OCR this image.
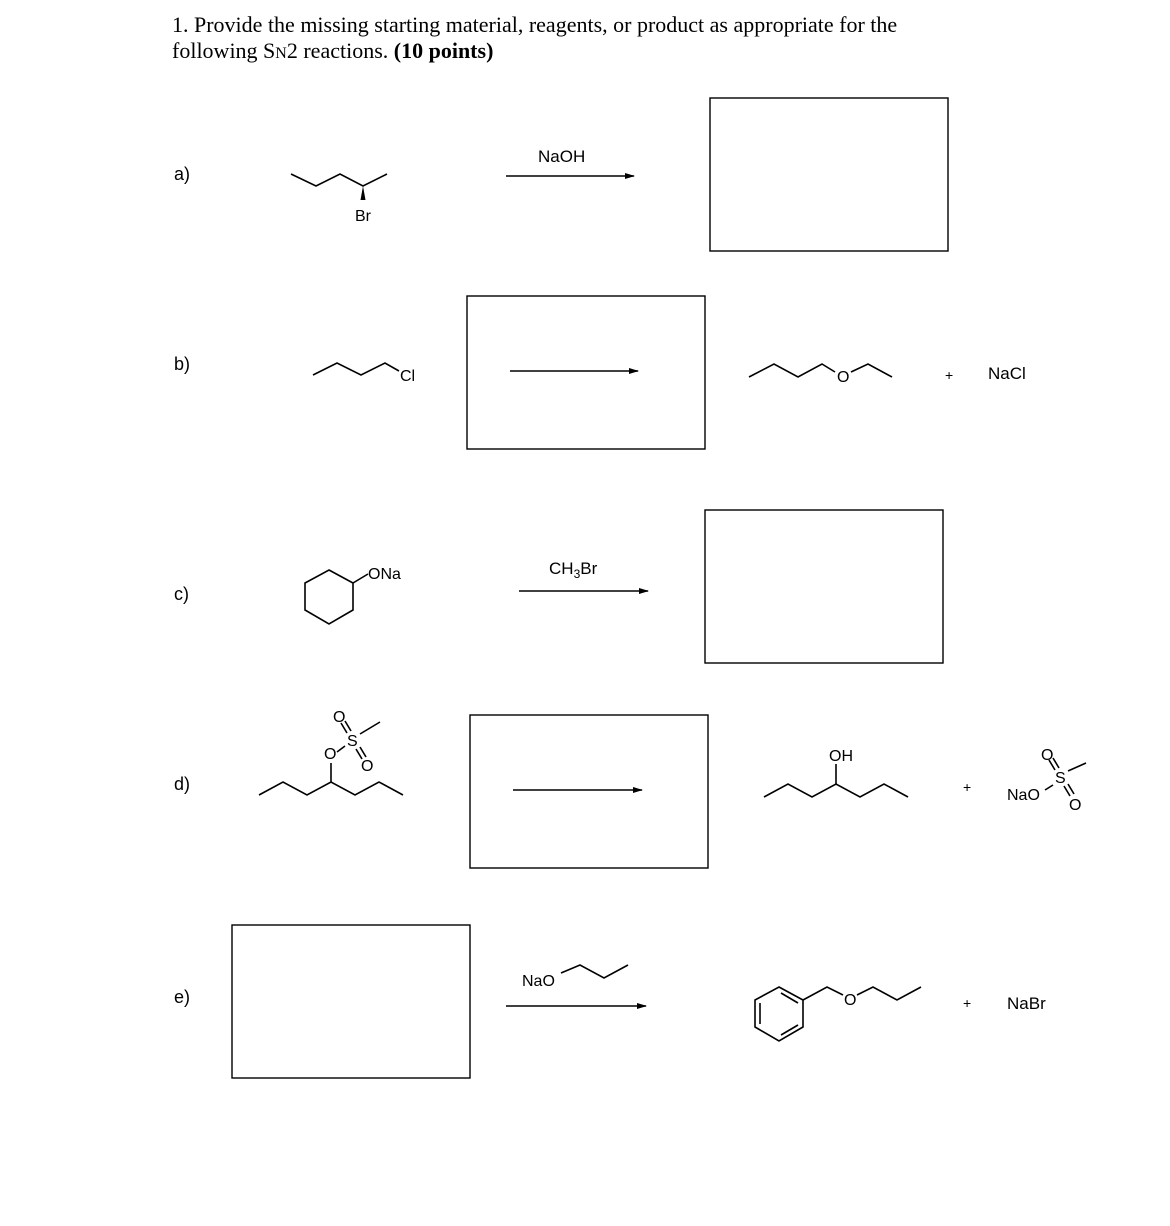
1. Provide the missing starting material, reagents, or product as appropriate for the
following SN2 reactions. (10 points)
a)
Br
NaOH
b)
Cl	O	+ NaCl
c)
ONa	$CH_3Br$
d)
O
S
O
O
OH
+ NaO
S
O
O
e)
NaO
O	+ NaBr
